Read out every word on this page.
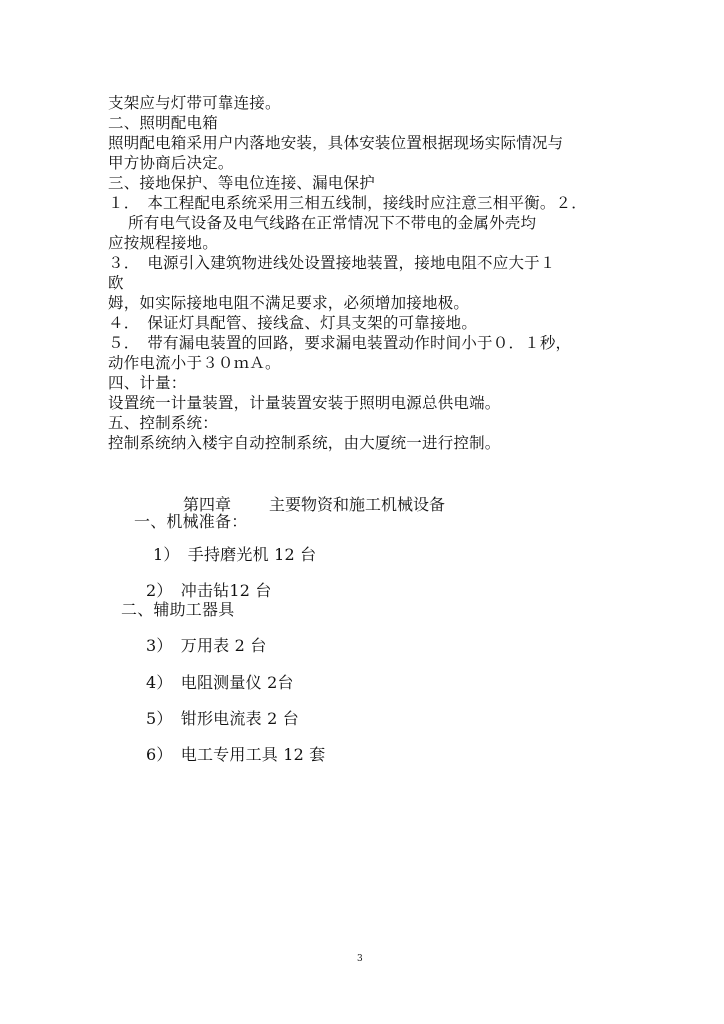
支架应与灯带可靠连接。
二、照明配电箱
照明配电箱采用户内落地安装，具体安装位置根据现场实际情况与
甲方协商后决定。
三、接地保护、等电位连接、漏电保护
１．　本工程配电系统采用三相五线制，接线时应注意三相平衡。２．
所有电气设备及电气线路在正常情况下不带电的金属外壳均
应按规程接地。
３．　电源引入建筑物进线处设置接地装置，接地电阻不应大于１
欧
姆，如实际接地电阻不满足要求，必须增加接地极。
４．　保证灯具配管、接线盒、灯具支架的可靠接地。
５．　带有漏电装置的回路，要求漏电装置动作时间小于０．１秒，
动作电流小于３０ｍＡ。
四、计量：
设置统一计量装置，计量装置安装于照明电源总供电端。
五、控制系统：
控制系统纳入楼宇自动控制系统，由大厦统一进行控制。
第四章 主要物资和施工机械设备
一、机械准备：
1）　手持磨光机 12 台
2）　冲击钻12 台
二、辅助工器具
3）　万用表 2 台
4）　电阻测量仪 2台
5）　钳形电流表 2 台
6）　电工专用工具 12 套
3
